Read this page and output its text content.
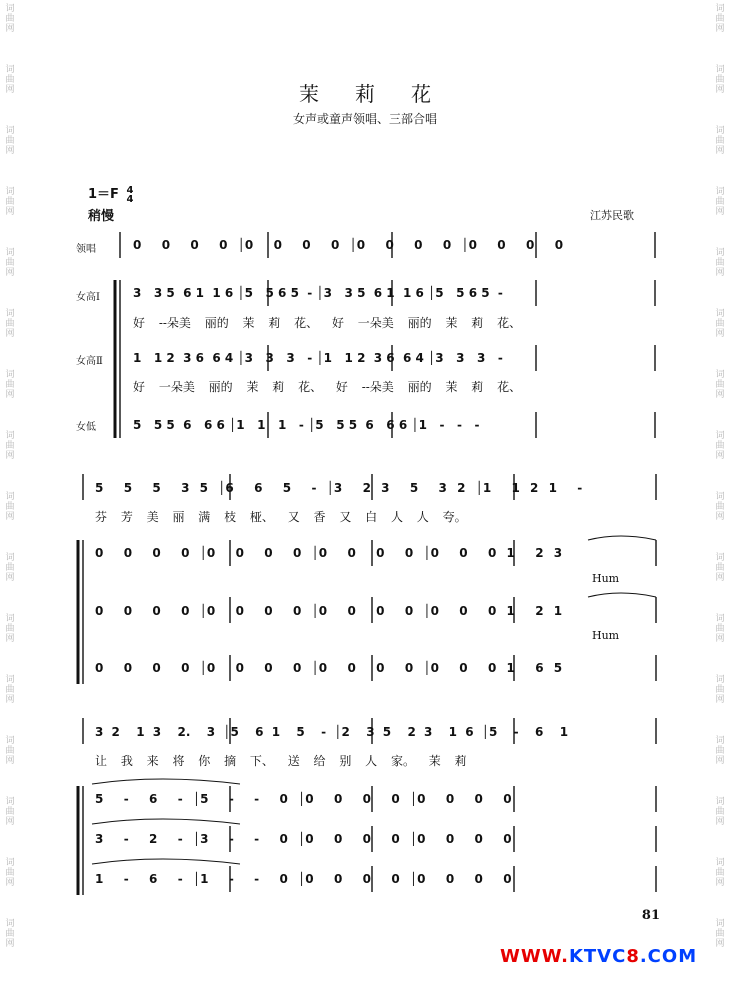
词
曲
网
词
曲
网
词
曲
网
词
曲
网
词
曲
网
词
曲
网
词
曲
网
词
曲
网
词
曲
网
词
曲
网
词
曲
网
词
曲
网
词
曲
网
词
曲
网
词
曲
网
词
曲
网
词
曲
网
词
曲
网
词
曲
网
词
曲
网
词
曲
网
词
曲
网
词
曲
网
词
曲
网
词
曲
网
词
曲
网
词
曲
网
词
曲
网
词
曲
网
词
曲
网
词
曲
网
词
曲
网
茉莉花
女声或童声领唱、三部合唱
1＝F 4
4
稍慢	江苏民歌
领唱
女高Ⅰ
女高Ⅱ
女低
0  0  0  0 │0  0  0  0 │0  0  0  0 │0  0  0  0
3   3 5  6 1  1 6 │5   5 6 5  - │3   3 5  6 1  1 6 │5   5 6 5  -
好 --朵美 丽的 茉 莉 花、 好 一朵美 丽的 茉 莉 花、
1   1 2  3 6  6 4 │3   3   3   - │1   1 2  3 6  6 4 │3   3   3   -
好 一朵美 丽的 茉 莉 花、 好 --朵美 丽的 茉 莉 花、
5   5 5  6   6 6 │1   1   1   - │5   5 5  6   6 6 │1   -   -   -
5  5  5  3 5 │6  6  5  - │3  2 3  5  3 2 │1  1 2 1  -
芬 芳 美 丽 满 枝 桠、 又 香 又 白 人 人 夸。
0  0  0  0 │0  0  0  0 │0  0  0  0 │0  0  0 1  2 3
Hum
0  0  0  0 │0  0  0  0 │0  0  0  0 │0  0  0 1  2 1
Hum
0  0  0  0 │0  0  0  0 │0  0  0  0 │0  0  0 1  6 5
3 2  1 3  2.  3 │5  6 1  5  - │2  3 5  2 3  1 6 │5  -  6  1
让 我 来 将 你 摘 下、 送 给 别 人 家。 茉 莉
5  -  6  - │5  -  -  0 │0  0  0  0 │0  0  0  0
3  -  2  - │3  -  -  0 │0  0  0  0 │0  0  0  0
1  -  6  - │1  -  -  0 │0  0  0  0 │0  0  0  0
81
WWW.KTVC8.COM
